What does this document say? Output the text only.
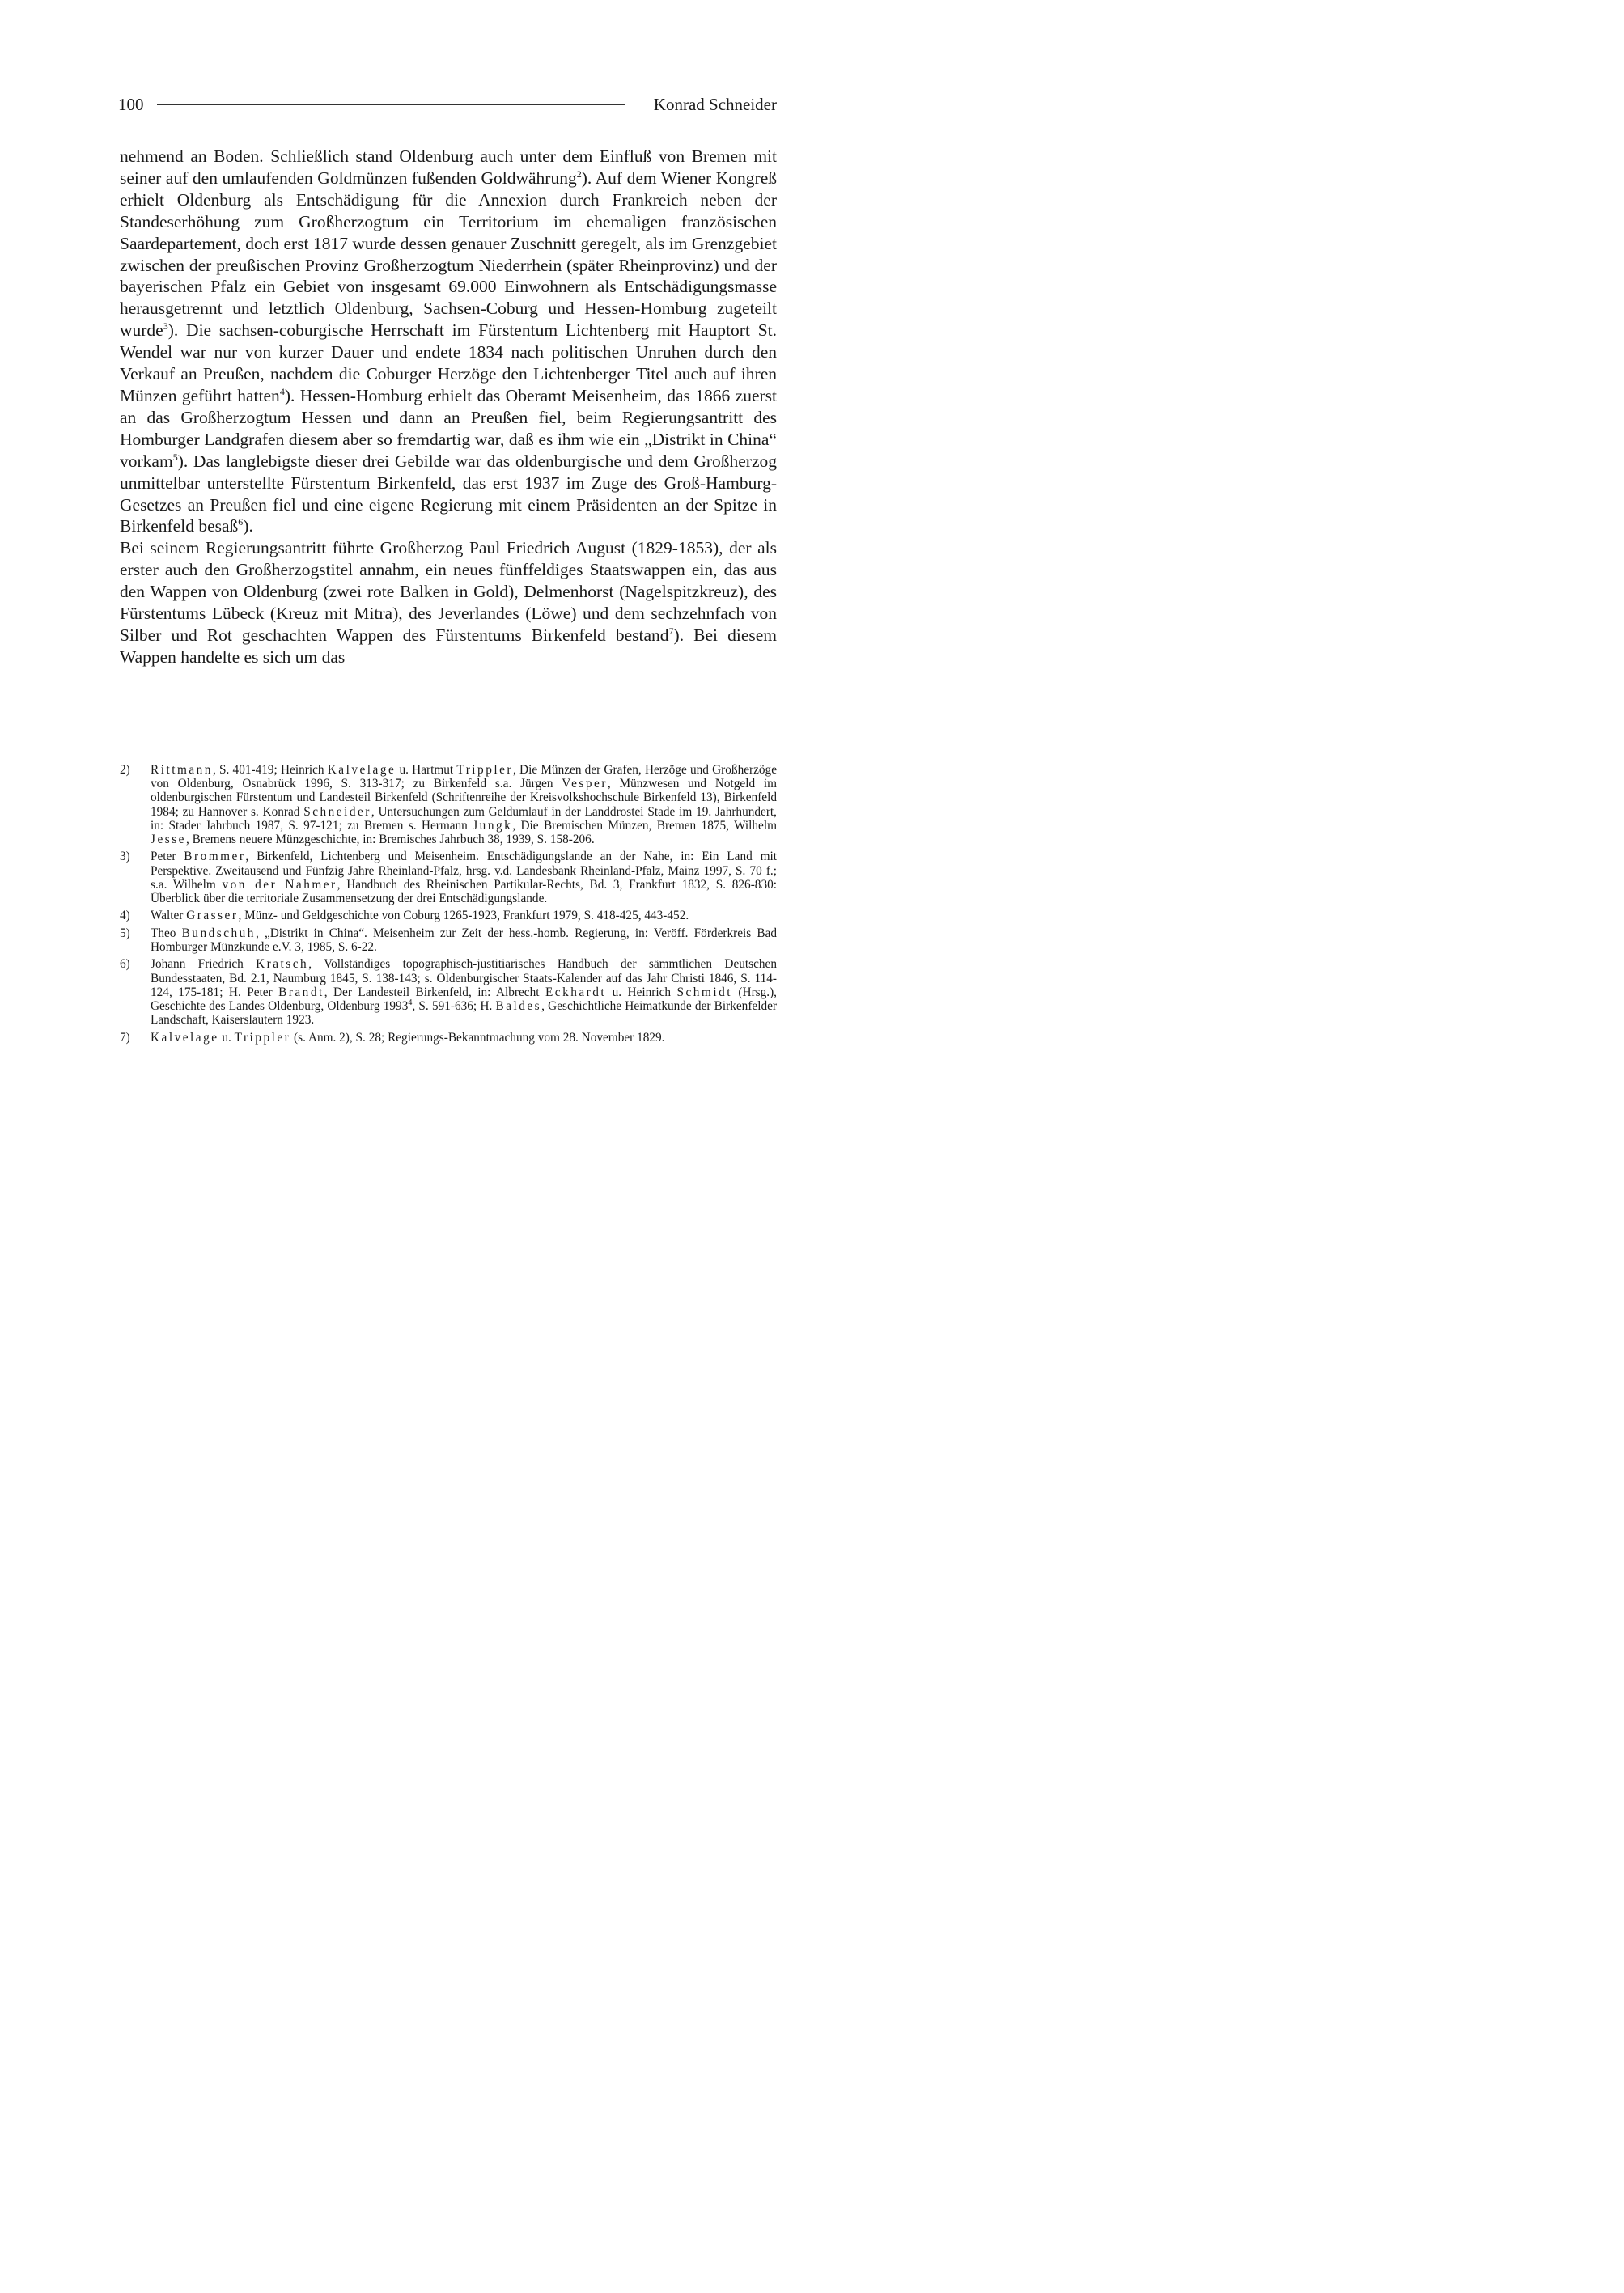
100	Konrad Schneider

nehmend an Boden. Schließlich stand Oldenburg auch unter dem Einfluß von Bremen mit seiner auf den umlaufenden Goldmünzen fußenden Goldwährung$^2$). Auf dem Wiener Kongreß erhielt Oldenburg als Entschädigung für die Annexion durch Frankreich neben der Standeserhöhung zum Großherzogtum ein Territorium im ehemaligen französischen Saardepartement, doch erst 1817 wurde dessen genauer Zuschnitt geregelt, als im Grenzgebiet zwischen der preußischen Provinz Großherzogtum Niederrhein (später Rheinprovinz) und der bayerischen Pfalz ein Gebiet von insgesamt 69.000 Einwohnern als Entschädigungsmasse herausgetrennt und letztlich Oldenburg, Sachsen-Coburg und Hessen-Homburg zugeteilt wurde$^3$). Die sachsen-coburgische Herrschaft im Fürstentum Lichtenberg mit Hauptort St. Wendel war nur von kurzer Dauer und endete 1834 nach politischen Unruhen durch den Verkauf an Preußen, nachdem die Coburger Herzöge den Lichtenberger Titel auch auf ihren Münzen geführt hatten$^4$). Hessen-Homburg erhielt das Oberamt Meisenheim, das 1866 zuerst an das Großherzogtum Hessen und dann an Preußen fiel, beim Regierungsantritt des Homburger Landgrafen diesem aber so fremdartig war, daß es ihm wie ein „Distrikt in China“ vorkam$^5$). Das langlebigste dieser drei Gebilde war das oldenburgische und dem Großherzog unmittelbar unterstellte Fürstentum Birkenfeld, das erst 1937 im Zuge des Groß-Hamburg-Gesetzes an Preußen fiel und eine eigene Regierung mit einem Präsidenten an der Spitze in Birkenfeld besaß$^6$).

Bei seinem Regierungsantritt führte Großherzog Paul Friedrich August (1829-1853), der als erster auch den Großherzogstitel annahm, ein neues fünffeldiges Staatswappen ein, das aus den Wappen von Oldenburg (zwei rote Balken in Gold), Delmenhorst (Nagelspitzkreuz), des Fürstentums Lübeck (Kreuz mit Mitra), des Jeverlandes (Löwe) und dem sechzehnfach von Silber und Rot geschachten Wappen des Fürstentums Birkenfeld bestand$^7$). Bei diesem Wappen handelte es sich um das

2)	Rittmann, S. 401-419; Heinrich Kalvelage u. Hartmut Trippler, Die Münzen der Grafen, Herzöge und Großherzöge von Oldenburg, Osnabrück 1996, S. 313-317; zu Birkenfeld s.a. Jürgen Vesper, Münzwesen und Notgeld im oldenburgischen Fürstentum und Landesteil Birkenfeld (Schriftenreihe der Kreisvolkshochschule Birkenfeld 13), Birkenfeld 1984; zu Hannover s. Konrad Schneider, Untersuchungen zum Geldumlauf in der Landdrostei Stade im 19. Jahrhundert, in: Stader Jahrbuch 1987, S. 97-121; zu Bremen s. Hermann Jungk, Die Bremischen Münzen, Bremen 1875, Wilhelm Jesse, Bremens neuere Münzgeschichte, in: Bremisches Jahrbuch 38, 1939, S. 158-206.
3)	Peter Brommer, Birkenfeld, Lichtenberg und Meisenheim. Entschädigungslande an der Nahe, in: Ein Land mit Perspektive. Zweitausend und Fünfzig Jahre Rheinland-Pfalz, hrsg. v.d. Landesbank Rheinland-Pfalz, Mainz 1997, S. 70 f.; s.a. Wilhelm von der Nahmer, Handbuch des Rheinischen Partikular-Rechts, Bd. 3, Frankfurt 1832, S. 826-830: Überblick über die territoriale Zusammensetzung der drei Entschädigungslande.
4)	Walter Grasser, Münz- und Geldgeschichte von Coburg 1265-1923, Frankfurt 1979, S. 418-425, 443-452.
5)	Theo Bundschuh, „Distrikt in China“. Meisenheim zur Zeit der hess.-homb. Regierung, in: Veröff. Förderkreis Bad Homburger Münzkunde e.V. 3, 1985, S. 6-22.
6)	Johann Friedrich Kratsch, Vollständiges topographisch-justitiarisches Handbuch der sämmtlichen Deutschen Bundesstaaten, Bd. 2.1, Naumburg 1845, S. 138-143; s. Oldenburgischer Staats-Kalender auf das Jahr Christi 1846, S. 114-124, 175-181; H. Peter Brandt, Der Landesteil Birkenfeld, in: Albrecht Eckhardt u. Heinrich Schmidt (Hrsg.), Geschichte des Landes Oldenburg, Oldenburg 1993$^4$, S. 591-636; H. Baldes, Geschichtliche Heimatkunde der Birkenfelder Landschaft, Kaiserslautern 1923.
7)	Kalvelage u. Trippler (s. Anm. 2), S. 28; Regierungs-Bekanntmachung vom 28. November 1829.
